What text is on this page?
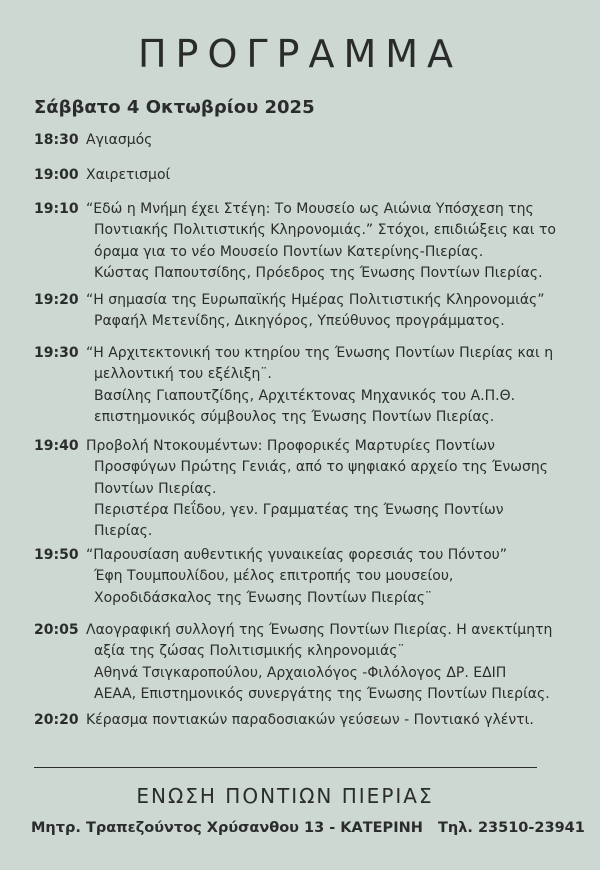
ΠΡΟΓΡΑΜΜΑ
Σάββατο 4 Οκτωβρίου 2025
18:30 Αγιασμός
19:00 Χαιρετισμοί
19:10 “Εδώ η Μνήμη έχει Στέγη: Το Μουσείο ως Αιώνια Υπόσχεση της
Ποντιακής Πολιτιστικής Κληρονομιάς.” Στόχοι, επιδιώξεις και το
όραμα για το νέο Μουσείο Ποντίων Κατερίνης-Πιερίας.
Κώστας Παπουτσίδης, Πρόεδρος της Ένωσης Ποντίων Πιερίας.
19:20 “Η σημασία της Ευρωπαϊκής Ημέρας Πολιτιστικής Κληρονομιάς”
Ραφαήλ Μετενίδης, Δικηγόρος, Υπεύθυνος προγράμματος.
19:30 “Η Αρχιτεκτονική του κτηρίου της Ένωσης Ποντίων Πιερίας και η
μελλοντική του εξέλιξη¨.
Βασίλης Γιαπουτζίδης, Αρχιτέκτονας Μηχανικός του Α.Π.Θ.
επιστημονικός σύμβουλος της Ένωσης Ποντίων Πιερίας.
19:40 Προβολή Ντοκουμέντων: Προφορικές Μαρτυρίες Ποντίων
Προσφύγων Πρώτης Γενιάς, από το ψηφιακό αρχείο της Ένωσης
Ποντίων Πιερίας.
Περιστέρα Πεΐδου, γεν. Γραμματέας της Ένωσης Ποντίων
Πιερίας.
19:50 “Παρουσίαση αυθεντικής γυναικείας φορεσιάς του Πόντου”
Έφη Τουμπουλίδου, μέλος επιτροπής του μουσείου,
Χοροδιδάσκαλος της Ένωσης Ποντίων Πιερίας¨
20:05 Λαογραφική συλλογή της Ένωσης Ποντίων Πιερίας. Η ανεκτίμητη
αξία της ζώσας Πολιτισμικής κληρονομιάς¨
Αθηνά Τσιγκαροπούλου, Αρχαιολόγος -Φιλόλογος ΔΡ. ΕΔΙΠ
ΑΕΑΑ, Επιστημονικός συνεργάτης της Ένωσης Ποντίων Πιερίας.
20:20 Κέρασμα ποντιακών παραδοσιακών γεύσεων - Ποντιακό γλέντι.
ΕΝΩΣΗ ΠΟΝΤΙΩΝ ΠΙΕΡΙΑΣ
Μητρ. Τραπεζούντος Χρύσανθου 13 - ΚΑΤΕΡΙΝΗ   Τηλ. 23510-23941
